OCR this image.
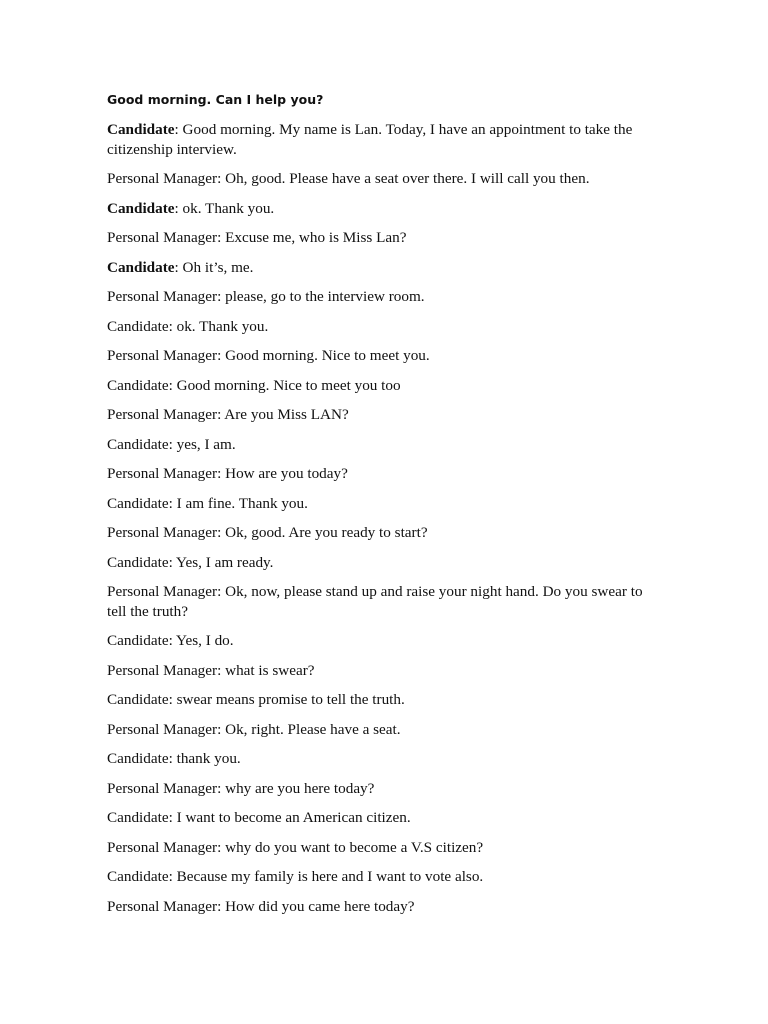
Good morning. Can I help you?

Candidate: Good morning. My name is Lan. Today, I have an appointment to take the citizenship interview.

Personal Manager: Oh, good. Please have a seat over there. I will call you then.

Candidate: ok. Thank you.

Personal Manager: Excuse me, who is Miss Lan?

Candidate: Oh it’s, me.

Personal Manager: please, go to the interview room.

Candidate: ok. Thank you.

Personal Manager: Good morning. Nice to meet you.

Candidate: Good morning. Nice to meet you too

Personal Manager: Are you Miss LAN?

Candidate: yes, I am.

Personal Manager: How are you today?

Candidate: I am fine. Thank you.

Personal Manager: Ok, good. Are you ready to start?

Candidate: Yes, I am ready.

Personal Manager: Ok, now, please stand up and raise your night hand. Do you swear to tell the truth?

Candidate: Yes, I do.

Personal Manager: what is swear?

Candidate: swear means promise to tell the truth.

Personal Manager: Ok, right. Please have a seat.

Candidate: thank you.

Personal Manager: why are you here today?

Candidate: I want to become an American citizen.

Personal Manager: why do you want to become a V.S citizen?

Candidate: Because my family is here and I want to vote also.

Personal Manager: How did you came here today?
